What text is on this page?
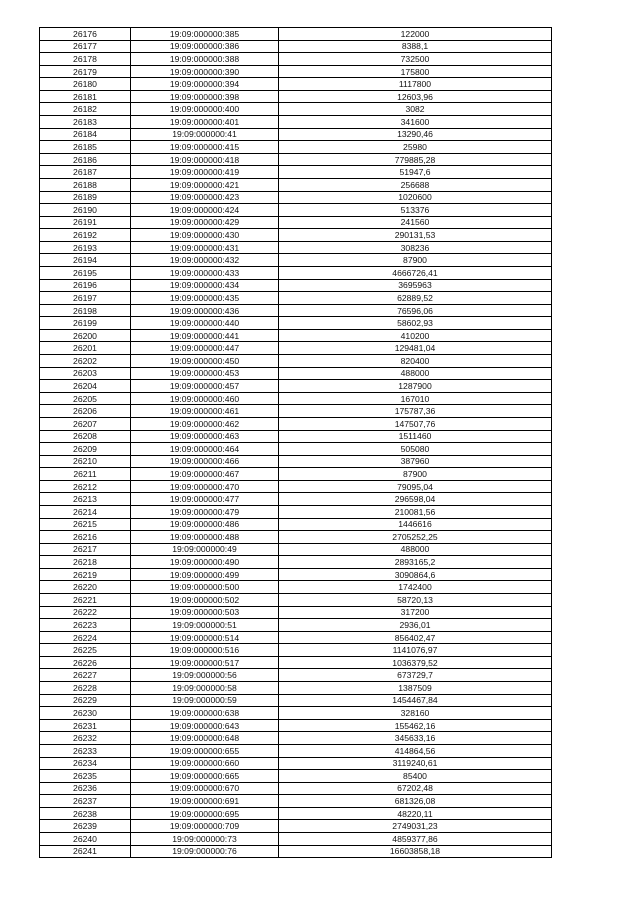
26176	19:09:000000:385	122000
26177	19:09:000000:386	8388,1
26178	19:09:000000:388	732500
26179	19:09:000000:390	175800
26180	19:09:000000:394	1117800
26181	19:09:000000:398	12603,96
26182	19:09:000000:400	3082
26183	19:09:000000:401	341600
26184	19:09:000000:41	13290,46
26185	19:09:000000:415	25980
26186	19:09:000000:418	779885,28
26187	19:09:000000:419	51947,6
26188	19:09:000000:421	256688
26189	19:09:000000:423	1020600
26190	19:09:000000:424	513376
26191	19:09:000000:429	241560
26192	19:09:000000:430	290131,53
26193	19:09:000000:431	308236
26194	19:09:000000:432	87900
26195	19:09:000000:433	4666726,41
26196	19:09:000000:434	3695963
26197	19:09:000000:435	62889,52
26198	19:09:000000:436	76596,06
26199	19:09:000000:440	58602,93
26200	19:09:000000:441	410200
26201	19:09:000000:447	129481,04
26202	19:09:000000:450	820400
26203	19:09:000000:453	488000
26204	19:09:000000:457	1287900
26205	19:09:000000:460	167010
26206	19:09:000000:461	175787,36
26207	19:09:000000:462	147507,76
26208	19:09:000000:463	1511460
26209	19:09:000000:464	505080
26210	19:09:000000:466	387960
26211	19:09:000000:467	87900
26212	19:09:000000:470	79095,04
26213	19:09:000000:477	296598,04
26214	19:09:000000:479	210081,56
26215	19:09:000000:486	1446616
26216	19:09:000000:488	2705252,25
26217	19:09:000000:49	488000
26218	19:09:000000:490	2893165,2
26219	19:09:000000:499	3090864,6
26220	19:09:000000:500	1742400
26221	19:09:000000:502	58720,13
26222	19:09:000000:503	317200
26223	19:09:000000:51	2936,01
26224	19:09:000000:514	856402,47
26225	19:09:000000:516	1141076,97
26226	19:09:000000:517	1036379,52
26227	19:09:000000:56	673729,7
26228	19:09:000000:58	1387509
26229	19:09:000000:59	1454467,84
26230	19:09:000000:638	328160
26231	19:09:000000:643	155462,16
26232	19:09:000000:648	345633,16
26233	19:09:000000:655	414864,56
26234	19:09:000000:660	3119240,61
26235	19:09:000000:665	85400
26236	19:09:000000:670	67202,48
26237	19:09:000000:691	681326,08
26238	19:09:000000:695	48220,11
26239	19:09:000000:709	2749031,23
26240	19:09:000000:73	4859377,86
26241	19:09:000000:76	16603858,18
